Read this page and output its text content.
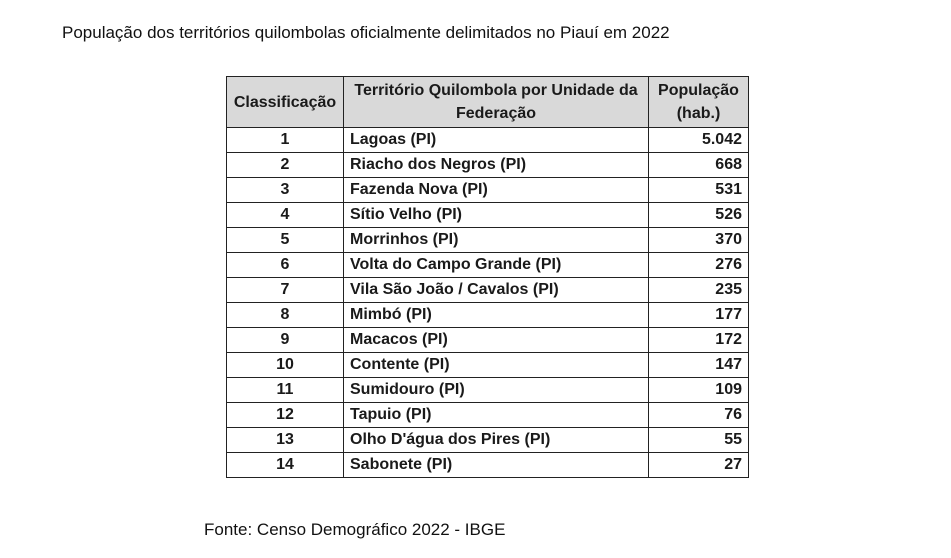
População dos territórios quilombolas oficialmente delimitados no Piauí em 2022
Classificação	Território Quilombola por Unidade da Federação	População (hab.)
1	Lagoas (PI)	5.042
2	Riacho dos Negros (PI)	668
3	Fazenda Nova (PI)	531
4	Sítio Velho (PI)	526
5	Morrinhos (PI)	370
6	Volta do Campo Grande (PI)	276
7	Vila São João / Cavalos (PI)	235
8	Mimbó (PI)	177
9	Macacos (PI)	172
10	Contente (PI)	147
11	Sumidouro (PI)	109
12	Tapuio (PI)	76
13	Olho D'água dos Pires (PI)	55
14	Sabonete (PI)	27
Fonte: Censo Demográfico 2022 - IBGE
